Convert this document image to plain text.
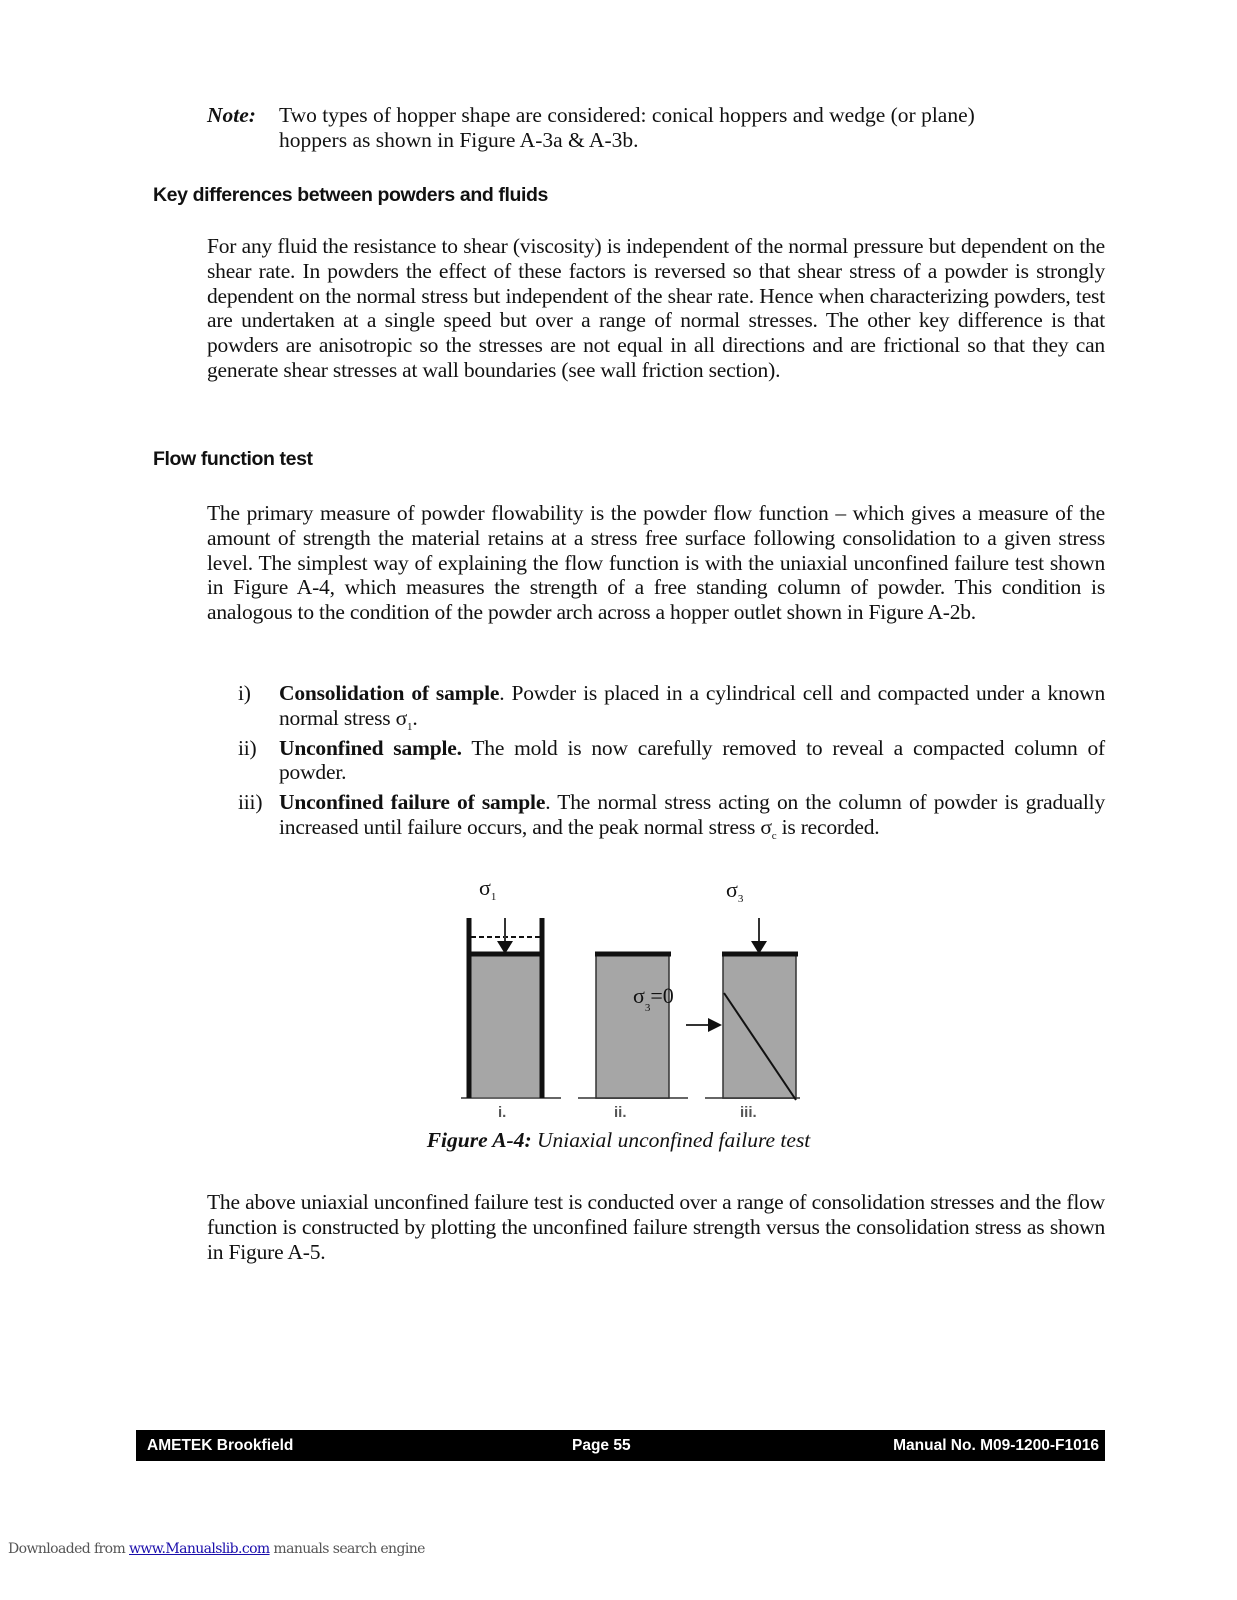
Note: Two types of hopper shape are considered: conical hoppers and wedge (or plane)
hoppers as shown in Figure A-3a & A-3b.
Key differences between powders and fluids
For any fluid the resistance to shear (viscosity) is independent of the normal pressure but dependent on the shear rate. In powders the effect of these factors is reversed so that shear stress of a powder is strongly dependent on the normal stress but independent of the shear rate. Hence when characterizing powders, test are undertaken at a single speed but over a range of normal stresses. The other key difference is that powders are anisotropic so the stresses are not equal in all directions and are frictional so that they can generate shear stresses at wall boundaries (see wall friction section).
Flow function test
The primary measure of powder flowability is the powder flow function – which gives a measure of the amount of strength the material retains at a stress free surface following consolidation to a given stress level. The simplest way of explaining the flow function is with the uniaxial unconfined failure test shown in Figure A-4, which measures the strength of a free standing column of powder. This condition is analogous to the condition of the powder arch across a hopper outlet shown in Figure A-2b.
i) Consolidation of sample. Powder is placed in a cylindrical cell and compacted under a known normal stress $\sigma_1$.
ii) Unconfined sample. The mold is now carefully removed to reveal a compacted column of powder.
iii) Unconfined failure of sample. The normal stress acting on the column of powder is gradually increased until failure occurs, and the peak normal stress $\sigma_c$ is recorded.
$\sigma_1$	$\sigma_3$
$\sigma_3=0$
i.	ii.	iii.
Figure A-4: Uniaxial unconfined failure test
The above uniaxial unconfined failure test is conducted over a range of consolidation stresses and the flow function is constructed by plotting the unconfined failure strength versus the consolidation stress as shown in Figure A-5.
AMETEK Brookfield	Page 55	Manual No. M09-1200-F1016
Downloaded from www.Manualslib.com manuals search engine
